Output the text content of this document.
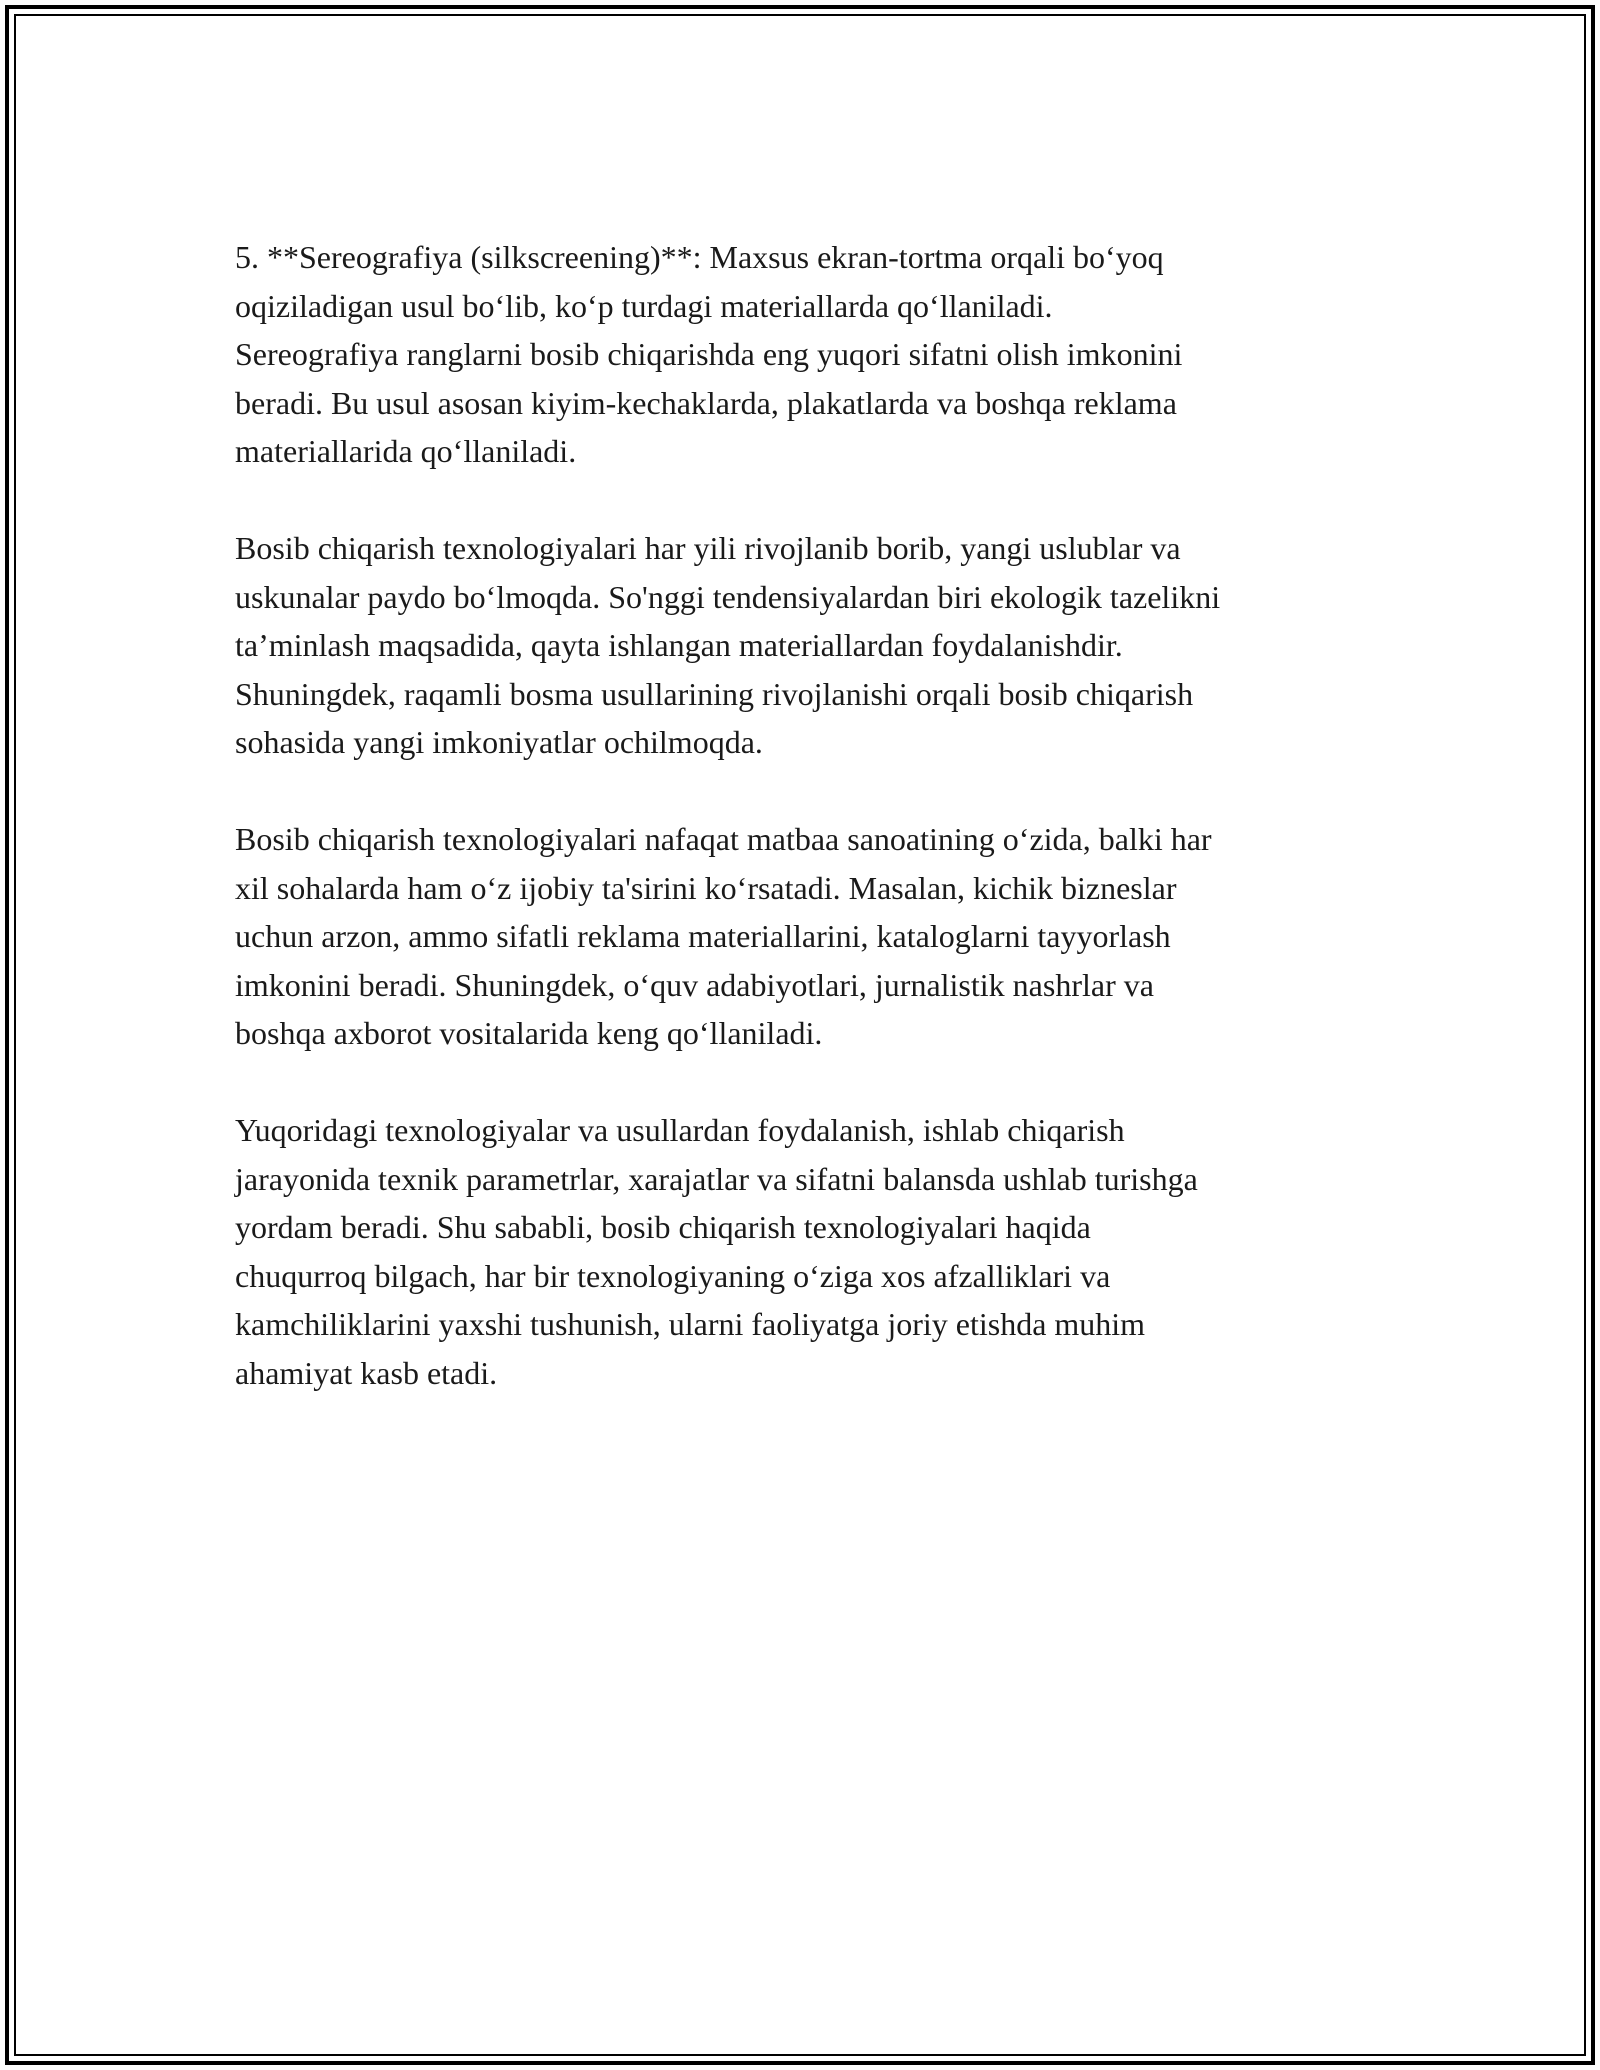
5. **Sereografiya (silkscreening)**: Maxsus ekran-tortma orqali bo‘yoq
oqiziladigan usul bo‘lib, ko‘p turdagi materiallarda qo‘llaniladi.
Sereografiya ranglarni bosib chiqarishda eng yuqori sifatni olish imkonini
beradi. Bu usul asosan kiyim-kechaklarda, plakatlarda va boshqa reklama
materiallarida qo‘llaniladi.

Bosib chiqarish texnologiyalari har yili rivojlanib borib, yangi uslublar va
uskunalar paydo bo‘lmoqda. So'nggi tendensiyalardan biri ekologik tazelikni
ta’minlash maqsadida, qayta ishlangan materiallardan foydalanishdir.
Shuningdek, raqamli bosma usullarining rivojlanishi orqali bosib chiqarish
sohasida yangi imkoniyatlar ochilmoqda.

Bosib chiqarish texnologiyalari nafaqat matbaa sanoatining o‘zida, balki har
xil sohalarda ham o‘z ijobiy ta'sirini ko‘rsatadi. Masalan, kichik bizneslar
uchun arzon, ammo sifatli reklama materiallarini, kataloglarni tayyorlash
imkonini beradi. Shuningdek, o‘quv adabiyotlari, jurnalistik nashrlar va
boshqa axborot vositalarida keng qo‘llaniladi.

Yuqoridagi texnologiyalar va usullardan foydalanish, ishlab chiqarish
jarayonida texnik parametrlar, xarajatlar va sifatni balansda ushlab turishga
yordam beradi. Shu sababli, bosib chiqarish texnologiyalari haqida
chuqurroq bilgach, har bir texnologiyaning o‘ziga xos afzalliklari va
kamchiliklarini yaxshi tushunish, ularni faoliyatga joriy etishda muhim
ahamiyat kasb etadi.
